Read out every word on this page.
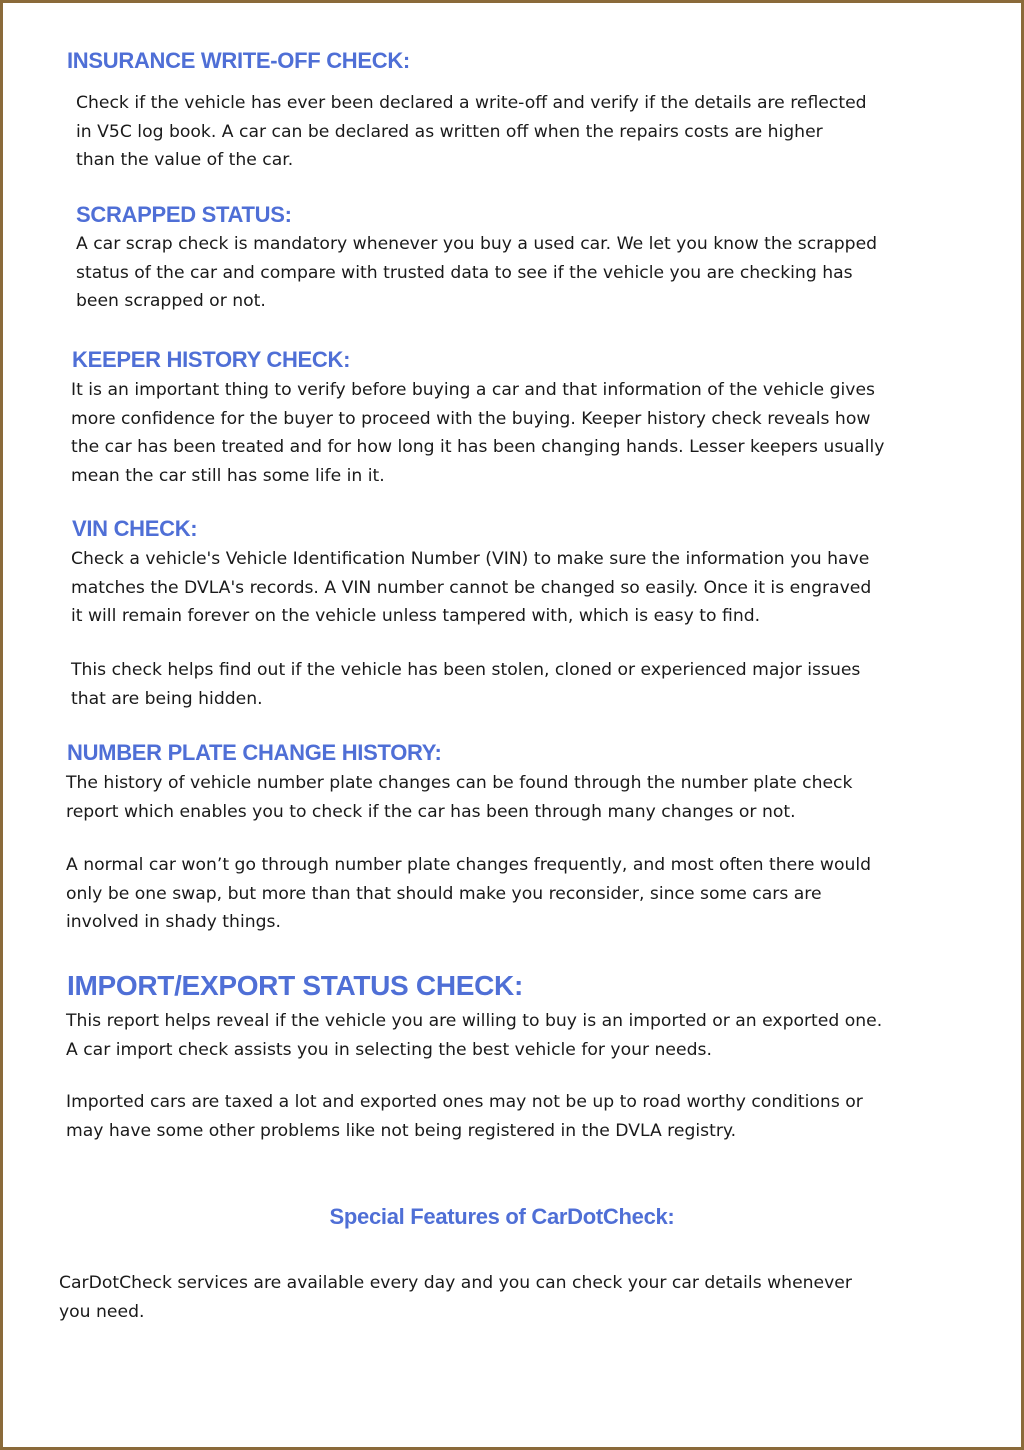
INSURANCE WRITE-OFF CHECK:

Check if the vehicle has ever been declared a write-off and verify if the details are reflected
in V5C log book. A car can be declared as written off when the repairs costs are higher
than the value of the car.

SCRAPPED STATUS:

A car scrap check is mandatory whenever you buy a used car. We let you know the scrapped
status of the car and compare with trusted data to see if the vehicle you are checking has
been scrapped or not.

KEEPER HISTORY CHECK:

It is an important thing to verify before buying a car and that information of the vehicle gives
more confidence for the buyer to proceed with the buying. Keeper history check reveals how
the car has been treated and for how long it has been changing hands. Lesser keepers usually
mean the car still has some life in it.

VIN CHECK:

Check a vehicle's Vehicle Identification Number (VIN) to make sure the information you have
matches the DVLA's records. A VIN number cannot be changed so easily. Once it is engraved
it will remain forever on the vehicle unless tampered with, which is easy to find.

This check helps find out if the vehicle has been stolen, cloned or experienced major issues
that are being hidden.

NUMBER PLATE CHANGE HISTORY:

The history of vehicle number plate changes can be found through the number plate check
report which enables you to check if the car has been through many changes or not.

A normal car won’t go through number plate changes frequently, and most often there would
only be one swap, but more than that should make you reconsider, since some cars are
involved in shady things.

IMPORT/EXPORT STATUS CHECK:

This report helps reveal if the vehicle you are willing to buy is an imported or an exported one.
A car import check assists you in selecting the best vehicle for your needs.

Imported cars are taxed a lot and exported ones may not be up to road worthy conditions or
may have some other problems like not being registered in the DVLA registry.

Special Features of CarDotCheck:

CarDotCheck services are available every day and you can check your car details whenever
you need.
